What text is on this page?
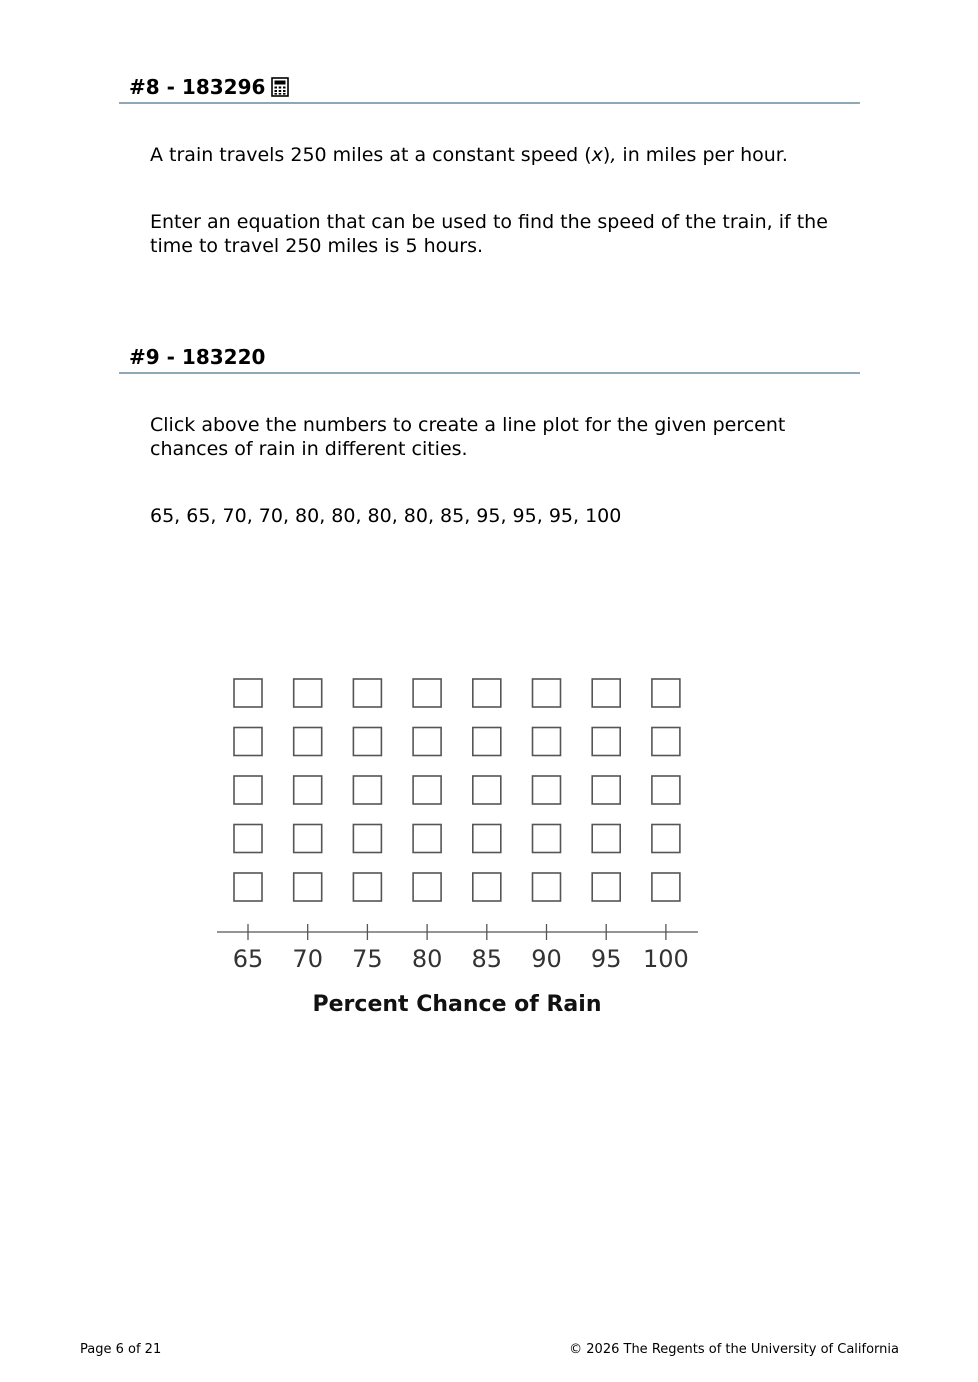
#8 - 183296
A train travels 250 miles at a constant speed (x), in miles per hour.
Enter an equation that can be used to find the speed of the train, if the time to travel 250 miles is 5 hours.
#9 - 183220
Click above the numbers to create a line plot for the given percent chances of rain in different cities.
65, 65, 70, 70, 80, 80, 80, 80, 85, 95, 95, 95, 100
65 70 75 80 85 90 95 100
Percent Chance of Rain
Page 6 of 21	© 2026 The Regents of the University of California
